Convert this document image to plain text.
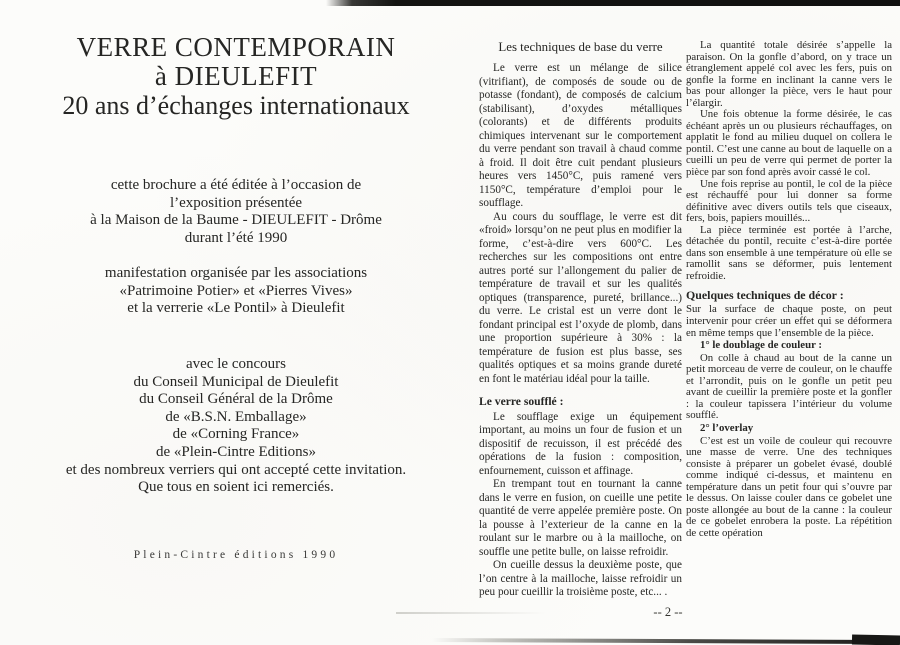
VERRE CONTEMPORAIN
à DIEULEFIT
20 ans d’échanges internationaux
cette brochure a été éditée à l’occasion de
l’exposition présentée
à la Maison de la Baume - DIEULEFIT - Drôme
durant l’été 1990
manifestation organisée par les associations
«Patrimoine Potier» et «Pierres Vives»
et la verrerie «Le Pontil» à Dieulefit
avec le concours
du Conseil Municipal de Dieulefit
du Conseil Général de la Drôme
de «B.S.N. Emballage»
de «Corning France»
de «Plein-Cintre Editions»
et des nombreux verriers qui ont accepté cette invitation.
Que tous en soient ici remerciés.
Plein-Cintre éditions 1990
Les techniques de base du verre

Le verre est un mélange de silice (vitrifiant), de composés de soude ou de potasse (fondant), de composés de calcium (stabilisant), d’oxydes métalliques (colorants) et de différents produits chimiques intervenant sur le comportement du verre pendant son travail à chaud comme à froid. Il doit être cuit pendant plusieurs heures vers 1450°C, puis ramené vers 1150°C, température d’emploi pour le soufflage.

Au cours du soufflage, le verre est dit «froid» lorsqu’on ne peut plus en modifier la forme, c’est-à-dire vers 600°C. Les recherches sur les compositions ont entre autres porté sur l’allongement du palier de température de travail et sur les qualités optiques (transparence, pureté, brillance...) du verre. Le cristal est un verre dont le fondant principal est l’oxyde de plomb, dans une proportion supérieure à 30% : la température de fusion est plus basse, ses qualités optiques et sa moins grande dureté en font le matériau idéal pour la taille.

Le verre soufflé :

Le soufflage exige un équipement important, au moins un four de fusion et un dispositif de recuisson, il est précédé des opérations de la fusion : composition, enfournement, cuisson et affinage.

En trempant tout en tournant la canne dans le verre en fusion, on cueille une petite quantité de verre appelée première poste. On la pousse à l’exterieur de la canne en la roulant sur le marbre ou à la mailloche, on souffle une petite bulle, on laisse refroidir.

On cueille dessus la deuxième poste, que l’on centre à la mailloche, laisse refroidir un peu pour cueillir la troisième poste, etc... .

La quantité totale désirée s’appelle la paraison. On la gonfle d’abord, on y trace un étranglement appelé col avec les fers, puis on gonfle la forme en inclinant la canne vers le bas pour allonger la pièce, vers le haut pour l’élargir.

Une fois obtenue la forme désirée, le cas échéant après un ou plusieurs réchauffages, on applatit le fond au milieu duquel on collera le pontil. C’est une canne au bout de laquelle on a cueilli un peu de verre qui permet de porter la pièce par son fond après avoir cassé le col.

Une fois reprise au pontil, le col de la pièce est réchauffé pour lui donner sa forme définitive avec divers outils tels que ciseaux, fers, bois, papiers mouillés...

La pièce terminée est portée à l’arche, détachée du pontil, recuite c’est-à-dire portée dans son ensemble à une température où elle se ramollit sans se déformer, puis lentement refroidie.

Quelques techniques de décor :

Sur la surface de chaque poste, on peut intervenir pour créer un effet qui se déformera en même temps que l’ensemble de la pièce.

1° le doublage de couleur :

On colle à chaud au bout de la canne un petit morceau de verre de couleur, on le chauffe et l’arrondit, puis on le gonfle un petit peu avant de cueillir la première poste et la gonfler : la couleur tapissera l’intérieur du volume soufflé.

2° l’overlay

C’est est un voile de couleur qui recouvre une masse de verre. Une des techniques consiste à préparer un gobelet évasé, doublé comme indiqué ci-dessus, et maintenu en température dans un petit four qui s’ouvre par le dessus. On laisse couler dans ce gobelet une poste allongée au bout de la canne : la couleur de ce gobelet enrobera la poste. La répétition de cette opération

-- 2 --
